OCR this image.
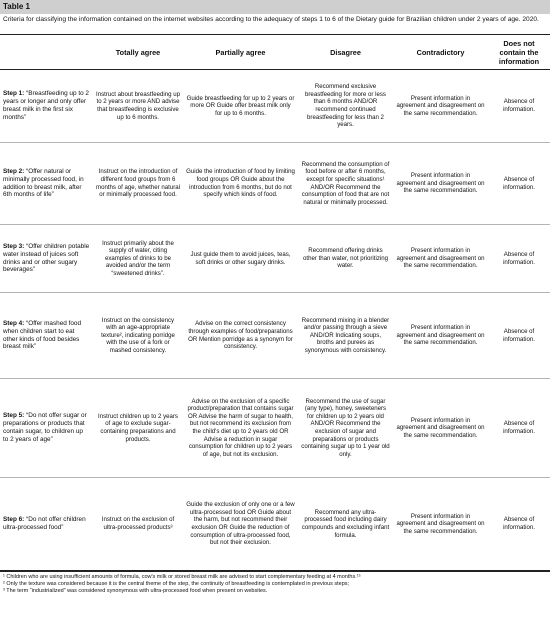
Table 1
Criteria for classifying the information contained on the internet websites according to the adequacy of steps 1 to 6 of the Dietary guide for Brazilian children under 2 years of age. 2020.
	Totally agree	Partially agree	Disagree	Contradictory	Does not contain the information
Step 1: “Breastfeeding up to 2 years or longer and only offer breast milk in the first six months”	Instruct about breastfeeding up to 2 years or more AND advise that breastfeeding is exclusive up to 6 months.	Guide breastfeeding for up to 2 years or more OR Guide offer breast milk only for up to 6 months.	Recommend exclusive breastfeeding for more or less than 6 months AND/OR recommend continued breastfeeding for less than 2 years.	Present information in agreement and disagreement on the same recommendation.	Absence of information.
Step 2: “Offer natural or minimally processed food, in addition to breast milk, after 6th months of life”	Instruct on the introduction of different food groups from 6 months of age, whether natural or minimally processed food.	Guide the introduction of food by limiting food groups OR Guide about the introduction from 6 months, but do not specify which kinds of food.	Recommend the consumption of food before or after 6 months, except for specific situations¹ AND/OR Recommend the consumption of food that are not natural or minimally processed.	Present information in agreement and disagreement on the same recommendation.	Absence of information.
Step 3: “Offer children potable water instead of juices soft drinks and or other sugary beverages”	Instruct primarily about the supply of water, citing examples of drinks to be avoided and/or the term “sweetened drinks”.	Just guide them to avoid juices, teas, soft drinks or other sugary drinks.	Recommend offering drinks other than water, not prioritizing water.	Present information in agreement and disagreement on the same recommendation.	Absence of information.
Step 4: “Offer mashed food when children start to eat other kinds of food besides breast milk”	Instruct on the consistency with an age-appropriate texture², indicating porridge with the use of a fork or mashed consistency.	Advise on the correct consistency through examples of food/preparations OR Mention porridge as a synonym for consistency.	Recommend mixing in a blender and/or passing through a sieve AND/OR Indicating soups, broths and purees as synonymous with consistency.	Present information in agreement and disagreement on the same recommendation.	Absence of information.
Step 5: “Do not offer sugar or preparations or products that contain sugar, to children up to 2 years of age”	Instruct children up to 2 years of age to exclude sugar-containing preparations and products.	Advise on the exclusion of a specific product/preparation that contains sugar OR Advise the harm of sugar to health, but not recommend its exclusion from the child's diet up to 2 years old OR Advise a reduction in sugar consumption for children up to 2 years of age, but not its exclusion.	Recommend the use of sugar (any type), honey, sweeteners for children up to 2 years old AND/OR Recommend the exclusion of sugar and preparations or products containing sugar up to 1 year old only.	Present information in agreement and disagreement on the same recommendation.	Absence of information.
Step 6: “Do not offer children ultra-processed food”	Instruct on the exclusion of ultra-processed products³	Guide the exclusion of only one or a few ultra-processed food OR Guide about the harm, but not recommend their exclusion OR Guide the reduction of consumption of ultra-processed food, but not their exclusion.	Recommend any ultra-processed food including dairy compounds and excluding infant formula.	Present information in agreement and disagreement on the same recommendation.	Absence of information.
¹ Children who are using insufficient amounts of formula, cow's milk or stored breast milk are advised to start complementary feeding at 4 months.¹⁵
² Only the texture was considered because it is the central theme of the step, the continuity of breastfeeding is contemplated in previous steps;
³ The term “industrialized” was considered synonymous with ultra-processed food when present on websites.
